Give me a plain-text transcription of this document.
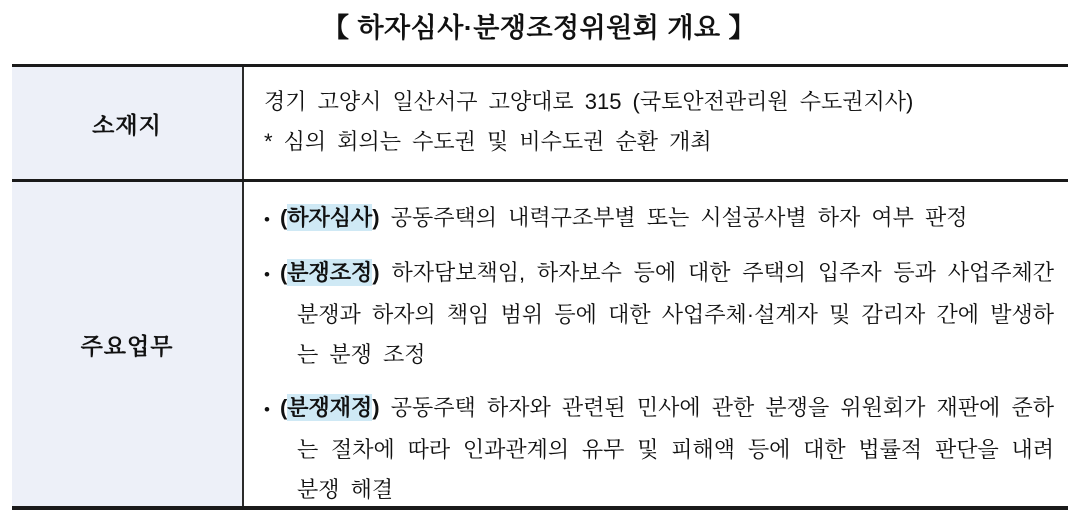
【 하자심사·분쟁조정위원회 개요 】
소재지
경기 고양시 일산서구 고양대로 315 (국토안전관리원 수도권지사)
* 심의 회의는 수도권 및 비수도권 순환 개최
주요업무
• (하자심사) 공동주택의 내력구조부별 또는 시설공사별 하자 여부 판정
• (분쟁조정) 하자담보책임, 하자보수 등에 대한 주택의 입주자 등과 사업주체간 분쟁과 하자의 책임 범위 등에 대한 사업주체·설계자 및 감리자 간에 발생하는 분쟁 조정
• (분쟁재정) 공동주택 하자와 관련된 민사에 관한 분쟁을 위원회가 재판에 준하는 절차에 따라 인과관계의 유무 및 피해액 등에 대한 법률적 판단을 내려 분쟁 해결
